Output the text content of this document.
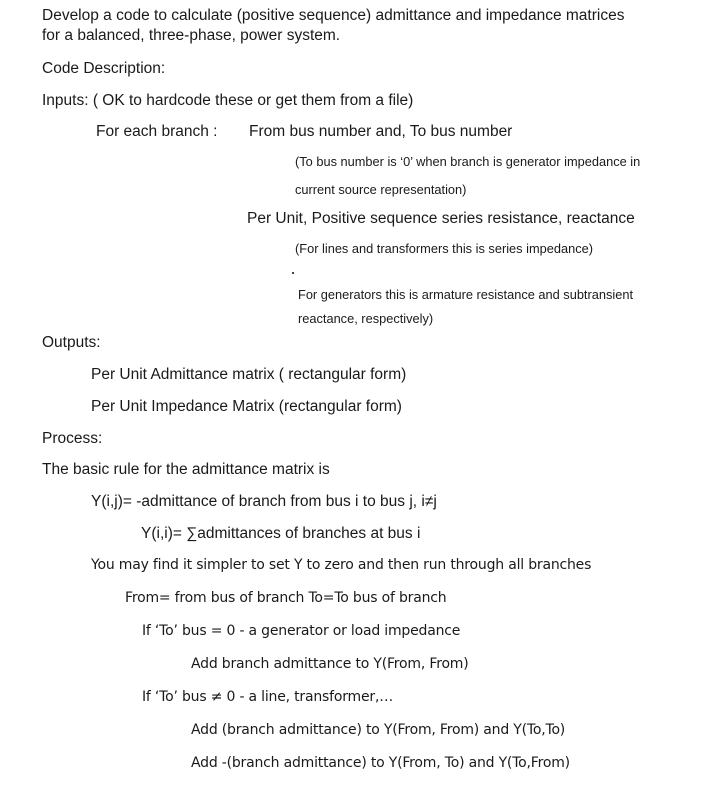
Develop a code to calculate (positive sequence) admittance and impedance matrices

for a balanced, three-phase, power system.

Code Description:

Inputs: ( OK to hardcode these or get them from a file)

For each branch : From bus number and, To bus number

(To bus number is ‘0’ when branch is generator impedance in

current source representation)

Per Unit, Positive sequence series resistance, reactance

(For lines and transformers this is series impedance)

For generators this is armature resistance and subtransient

reactance, respectively)

Outputs:

Per Unit Admittance matrix ( rectangular form)

Per Unit Impedance Matrix (rectangular form)

Process:

The basic rule for the admittance matrix is

Y(i,j)= -admittance of branch from bus i to bus j, i≠j

Y(i,i)= ∑admittances of branches at bus i

You may find it simpler to set Y to zero and then run through all branches

From= from bus of branch To=To bus of branch

If ‘To’ bus = 0 - a generator or load impedance

Add branch admittance to Y(From, From)

If ‘To’ bus ≠ 0 - a line, transformer,…

Add (branch admittance) to Y(From, From) and Y(To,To)

Add -(branch admittance) to Y(From, To) and Y(To,From)
